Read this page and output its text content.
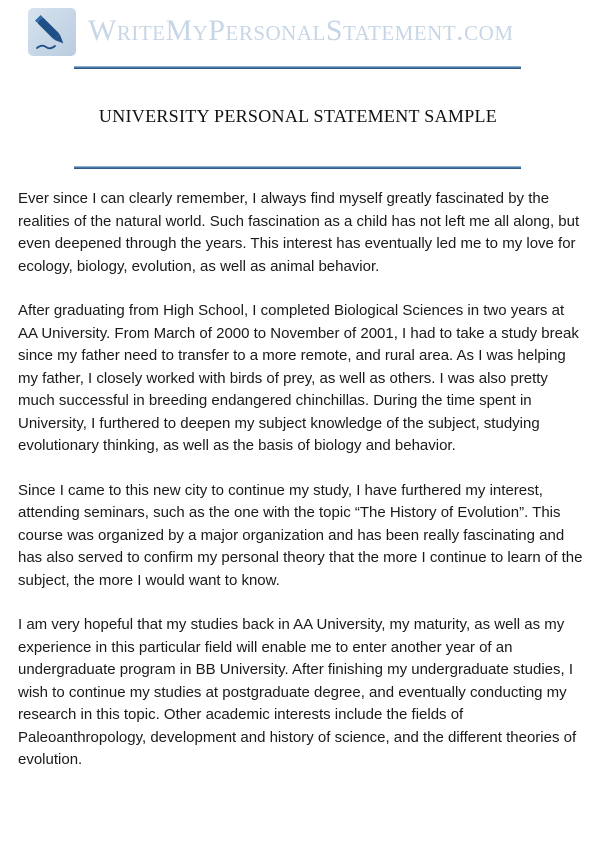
WriteMyPersonalStatement.com
UNIVERSITY PERSONAL STATEMENT SAMPLE

Ever since I can clearly remember, I always find myself greatly fascinated by the realities of the natural world. Such fascination as a child has not left me all along, but even deepened through the years. This interest has eventually led me to my love for ecology, biology, evolution, as well as animal behavior.

After graduating from High School, I completed Biological Sciences in two years at AA University. From March of 2000 to November of 2001, I had to take a study break since my father need to transfer to a more remote, and rural area. As I was helping my father, I closely worked with birds of prey, as well as others. I was also pretty much successful in breeding endangered chinchillas. During the time spent in University, I furthered to deepen my subject knowledge of the subject, studying evolutionary thinking, as well as the basis of biology and behavior.

Since I came to this new city to continue my study, I have furthered my interest, attending seminars, such as the one with the topic “The History of Evolution”. This course was organized by a major organization and has been really fascinating and has also served to confirm my personal theory that the more I continue to learn of the subject, the more I would want to know.

I am very hopeful that my studies back in AA University, my maturity, as well as my experience in this particular field will enable me to enter another year of an undergraduate program in BB University. After finishing my undergraduate studies, I wish to continue my studies at postgraduate degree, and eventually conducting my research in this topic. Other academic interests include the fields of Paleoanthropology, development and history of science, and the different theories of evolution.
